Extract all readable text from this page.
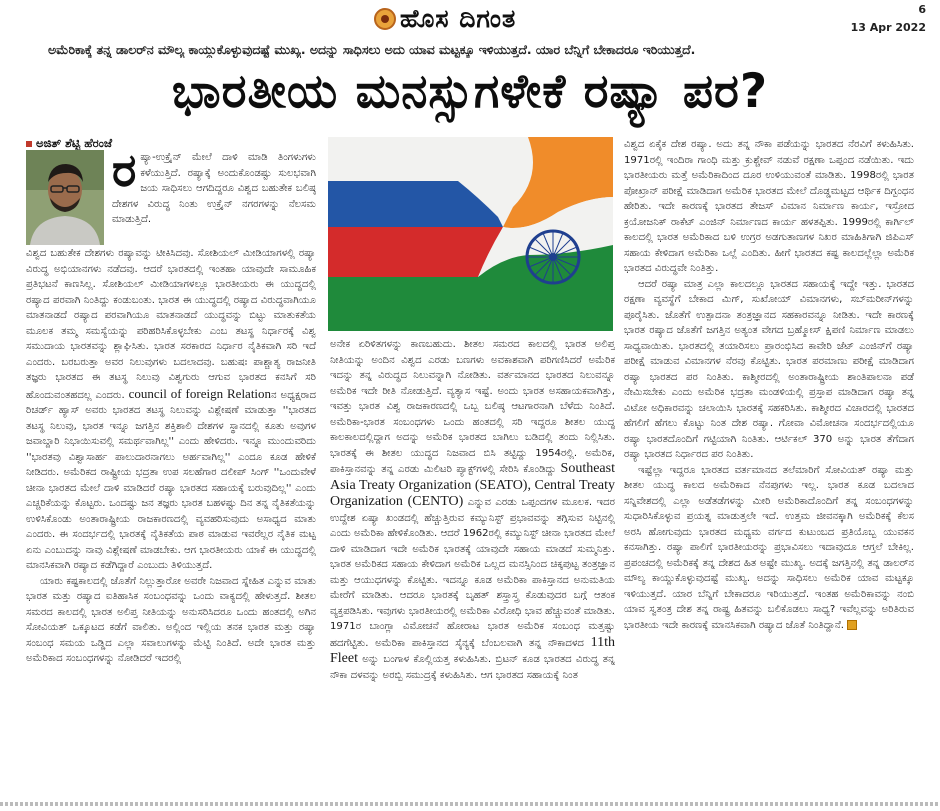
ಹೊಸ ದಿಗಂತ	6
13 Apr 2022
ಅಮೆರಿಕಾಕ್ಕೆ ತನ್ನ ಡಾಲರ್‌ನ ಮೌಲ್ಯ ಕಾಯ್ದುಕೊಳ್ಳುವುದಷ್ಟೆ ಮುಖ್ಯ. ಅದನ್ನು ಸಾಧಿಸಲು ಅದು ಯಾವ ಮಟ್ಟಕ್ಕೂ ಇಳಿಯುತ್ತದೆ. ಯಾರ ಬೆನ್ನಿಗೆ ಬೇಕಾದರೂ ಇರಿಯುತ್ತದೆ.
ಭಾರತೀಯ ಮನಸ್ಸುಗಳೇಕೆ ರಷ್ಯಾ ಪರ?
ಅಜಿತ್ ಶೆಟ್ಟಿ ಹೆರಂಜೆ ರಷ್ಯಾ-ಉಕ್ರೈನ್ ಮೇಲೆ ದಾಳಿ ಮಾಡಿ ತಿಂಗಳುಗಳು ಕಳೆಯುತ್ತಿದೆ. ರಷ್ಯಾಕ್ಕೆ ಅಂದುಕೊಂಡಷ್ಟು ಸುಲಭವಾಗಿ ಜಯ ಸಾಧಿಸಲು ಆಗದಿದ್ದರೂ ವಿಶ್ವದ ಬಹುತೇಕ ಬಲಿಷ್ಠ ದೇಶಗಳ ವಿರುದ್ಧ ನಿಂತು ಉಕ್ರೈನ್ ನಗರಗಳನ್ನು ನೆಲಸಮ ಮಾಡುತ್ತಿದೆ.

ವಿಶ್ವದ ಬಹುತೇಕ ದೇಶಗಳು ರಷ್ಯಾವನ್ನು ಟೀಕಿಸಿದವು. ಸೋಶಿಯಲ್ ಮೀಡಿಯಾಗಳಲ್ಲಿ ರಷ್ಯಾ ವಿರುದ್ಧ ಅಭಿಯಾನಗಳು ನಡೆದವು. ಆದರೆ ಭಾರತದಲ್ಲಿ ಇಂತಹಾ ಯಾವುದೇ ಸಾಮೂಹಿಕ ಪ್ರತಿಭಟನೆ ಕಾಣಸಿಲ್ಲ. ಸೋಶಿಯಲ್ ಮೀಡಿಯಾಗಳಲ್ಲೂ ಭಾರತೀಯರು ಈ ಯುದ್ಧದಲ್ಲಿ ರಷ್ಯಾದ ಪರವಾಗಿ ನಿಂತಿದ್ದು ಕಂಡುಬಂತು. ಭಾರತ ಈ ಯುದ್ಧದಲ್ಲಿ ರಷ್ಯಾದ ವಿರುದ್ಧವಾಗಿಯೂ ಮಾತನಾಡದೆ ರಷ್ಯಾದ ಪರವಾಗಿಯೂ ಮಾತನಾಡದೆ ಯುದ್ಧವನ್ನು ಬಿಟ್ಟು ಮಾತುಕತೆಯ ಮೂಲಕ ತಮ್ಮ ಸಮಸ್ಯೆಯನ್ನು ಪರಿಹರಿಸಿಕೊಳ್ಳಬೇಕು ಎಂಬ ತಟಸ್ಥ ನಿರ್ಧಾರಕ್ಕೆ ವಿಶ್ವ ಸಮುದಾಯ ಭಾರತವನ್ನು ಶ್ಲಾಘಿಸಿತು. ಭಾರತ ಸರಕಾರದ ನಿರ್ಧಾರ ನೈತಿಕವಾಗಿ ಸರಿ ಇದೆ ಎಂದರು. ಬರಬರುತ್ತಾ ಅವರ ನಿಲುವುಗಳು ಬದಲಾದವು. ಬಹುಷಃ ಪಾಶ್ಚಾತ್ಯ ರಾಜನೀತಿ ತಜ್ಞರು ಭಾರತದ ಈ ತಟಸ್ಥ ನಿಲುವು ವಿಶ್ವಗುರು ಆಗುವ ಭಾರತದ ಕನಸಿಗೆ ಸರಿ ಹೊಂದುವಂತಹದಲ್ಲ ಎಂದರು. council of foreign Relationನ ಅಧ್ಯಕ್ಷರಾದ ರಿಚರ್ಡ್ ಹ್ಯಾಸ್ ಅವರು ಭಾರತದ ತಟಸ್ಥ ನಿಲುವನ್ನು ವಿಶ್ಲೇಷಣೆ ಮಾಡುತ್ತಾ ''ಭಾರತದ ತಟಸ್ಥ ನಿಲುವು, ಭಾರತ ಇನ್ನೂ ಜಗತ್ತಿನ ಶಕ್ತಿಶಾಲಿ ದೇಶಗಳ ಸ್ಥಾನದಲ್ಲಿ ಕೂತು ಅವುಗಳ ಜವಾಬ್ದಾರಿ ನಿಭಾಯಿಸುವಲ್ಲಿ ಸಮರ್ಥವಾಗಿಲ್ಲ'' ಎಂದು ಹೇಳಿದರು. ಇನ್ನೂ ಮುಂದುವರಿದು ''ಭಾರತವು ವಿಶ್ವಾಸಾರ್ಹ ಪಾಲುದಾರನಾಗಲು ಅರ್ಹವಾಗಿಲ್ಲ'' ಎಂದೂ ಕೂಡ ಹೇಳಿಕೆ ನೀಡಿದರು. ಅಮೆರಿಕದ ರಾಷ್ಟ್ರೀಯ ಭದ್ರತಾ ಉಪ ಸಲಹೆಗಾರ ದಲೀಪ್ ಸಿಂಗ್ ''ಒಂದುವೇಳೆ ಚೀನಾ ಭಾರತದ ಮೇಲೆ ದಾಳಿ ಮಾಡಿದರೆ ರಷ್ಯಾ ಭಾರತದ ಸಹಾಯಕ್ಕೆ ಬರುವುದಿಲ್ಲ'' ಎಂದು ಎಚ್ಚರಿಕೆಯನ್ನು ಕೊಟ್ಟರು. ಒಂದಷ್ಟು ಜನ ತಜ್ಞರು ಭಾರತ ಬಹಳಷ್ಟು ದಿನ ತನ್ನ ನೈತಿಕತೆಯನ್ನು ಉಳಿಸಿಕೊಂಡು ಅಂತಾರಾಷ್ಟ್ರೀಯ ರಾಜಕಾರಣದಲ್ಲಿ ವ್ಯವಹರಿಸುವುದು ಅಸಾಧ್ಯದ ಮಾತು ಎಂದರು. ಈ ಸಂದರ್ಭದಲ್ಲಿ ಭಾರತಕ್ಕೆ ನೈತಿಕತೆಯ ಪಾಠ ಮಾಡುವ ಇವರೆಲ್ಲರ ನೈತಿಕ ಮಟ್ಟ ಏನು ಎಂಬುದನ್ನು ನಾವು ವಿಶ್ಲೇಷಣೆ ಮಾಡಬೇಕು. ಆಗ ಭಾರತೀಯರು ಯಾಕೆ ಈ ಯುದ್ಧದಲ್ಲಿ ಮಾನಸಿಕವಾಗಿ ರಷ್ಯಾದ ಕಡೆಗಿದ್ದಾರೆ ಎಂಬುದು ತಿಳಿಯುತ್ತದೆ.

ಯಾರು ಕಷ್ಟಕಾಲದಲ್ಲಿ ಜೊತೆಗೆ ನಿಲ್ಲುತ್ತಾರೋ ಅವರೇ ನಿಜವಾದ ಸ್ನೇಹಿತ ಎನ್ನುವ ಮಾತು ಭಾರತ ಮತ್ತು ರಷ್ಯಾದ ಐತಿಹಾಸಿಕ ಸಂಬಂಧವನ್ನು ಒಂದು ವಾಕ್ಯದಲ್ಲಿ ಹೇಳುತ್ತದೆ. ಶೀತಲ ಸಮರದ ಕಾಲದಲ್ಲಿ ಭಾರತ ಅಲಿಪ್ತ ನೀತಿಯನ್ನು ಅನುಸರಿಸಿದರೂ ಒಂದು ಹಂತದಲ್ಲಿ ಅಗಿನ ಸೋವಿಯತ್ ಒಕ್ಕೂಟದ ಕಡೆಗೆ ವಾಲಿತು. ಅಲ್ಲಿಂದ ಇಲ್ಲಿಯ ತನಕ ಭಾರತ ಮತ್ತು ರಷ್ಯಾ ಸಂಬಂಧ ಸಮಯ ಒಡ್ಡಿದ ಎಲ್ಲಾ ಸವಾಲುಗಳನ್ನು ಮೆಟ್ಟಿ ನಿಂತಿದೆ. ಅದೇ ಭಾರತ ಮತ್ತು ಅಮೆರಿಕಾದ ಸಂಬಂಧಗಳನ್ನು ನೋಡಿದರೆ ಇದರಲ್ಲಿ

ಅನೇಕ ಏರಿಳಿತಗಳನ್ನು ಕಾಣಬಹುದು. ಶೀತಲ ಸಮರದ ಕಾಲದಲ್ಲಿ ಭಾರತ ಅಲಿಪ್ತ ನೀತಿಯನ್ನು ಅಂದಿನ ವಿಶ್ವದ ಎರಡು ಬಣಗಳು ಅವಕಾಶವಾಗಿ ಪರಿಗಣಿಸಿದರೆ ಅಮೆರಿಕ ಇದನ್ನು ತನ್ನ ವಿರುದ್ಧದ ನಿಲುವನ್ನಾಗಿ ನೋಡಿತು. ವರ್ತಮಾನದ ಭಾರತದ ನಿಲುವನ್ನೂ ಅಮೆರಿಕ ಇದೇ ರೀತಿ ನೋಡುತ್ತಿದೆ. ವ್ಯತ್ಯಾಸ ಇಷ್ಟೆ. ಅಂದು ಭಾರತ ಅಸಹಾಯಕವಾಗಿತ್ತು, ಇವತ್ತು ಭಾರತ ವಿಶ್ವ ರಾಜಕಾರಣದಲ್ಲಿ ಒಬ್ಬ ಬಲಿಷ್ಠ ಆಟಗಾರನಾಗಿ ಬೆಳೆದು ನಿಂತಿದೆ. ಅಮೆರಿಕಾ-ಭಾರತ ಸಂಬಂಧಗಳು ಒಂದು ಹಂತದಲ್ಲಿ ಸರಿ ಇದ್ದರೂ ಶೀತಲ ಯುದ್ಧ ಕಾಲಕಾಲದಲ್ಲಿದ್ದಾಗ ಅದನ್ನು ಅಮೆರಿಕ ಭಾರತದ ಬಾಗಿಲು ಬಡಿದಲ್ಲಿ ತಂದು ನಿಲ್ಲಿಸಿತು. ಭಾರತಕ್ಕೆ ಈ ಶೀತಲ ಯುದ್ಧದ ನಿಜವಾದ ಬಿಸಿ ತಟ್ಟಿದ್ದು 1954ರಲ್ಲಿ. ಅಮೆರಿಕ, ಪಾಕಿಸ್ತಾನವನ್ನು ತನ್ನ ಎರಡು ಮಿಲಿಟರಿ ಪ್ಯಾಕ್ಟ್‌ಗಳಲ್ಲಿ ಸೇರಿಸಿ ಕೊಂಡಿದ್ದು Southeast Asia Treaty Organization (SEATO), Central Treaty Organization (CENTO) ಎನ್ನುವ ಎರಡು ಒಪ್ಪಂದಗಳ ಮೂಲಕ. ಇದರ ಉದ್ದೇಶ ಏಷ್ಯಾ ಖಂಡದಲ್ಲಿ ಹೆಚ್ಚುತ್ತಿರುವ ಕಮ್ಯುನಿಸ್ಟ್ ಪ್ರಭಾವವನ್ನು ತಗ್ಗಿಸುವ ನಿಟ್ಟಿನಲ್ಲಿ ಎಂದು ಅಮೆರಿಕಾ ಹೇಳಿಕೊಂಡಿತು. ಆದರೆ 1962ರಲ್ಲಿ ಕಮ್ಯುನಿಸ್ಟ್ ಚೀನಾ ಭಾರತದ ಮೇಲೆ ದಾಳಿ ಮಾಡಿದಾಗ ಇದೇ ಅಮೆರಿಕ ಭಾರತಕ್ಕೆ ಯಾವುದೇ ಸಹಾಯ ಮಾಡದೆ ಸುಮ್ಮನಿತ್ತು. ಭಾರತ ಅಮೆರಿಕದ ಸಹಾಯ ಕೇಳಿದಾಗ ಅಮೆರಿಕ ಒಲ್ಲದ ಮನಸ್ಸಿನಿಂದ ಚಿಕ್ಕಪುಟ್ಟ ತಂತ್ರಜ್ಞಾನ ಮತ್ತು ಆಯುಧಗಳನ್ನು ಕೊಟ್ಟಿತು. ಇದನ್ನೂ ಕೂಡ ಅಮೆರಿಕಾ ಪಾಕಿಸ್ತಾನದ ಅನುಮತಿಯ ಮೇರೆಗೆ ಮಾಡಿತು. ಆದರೂ ಭಾರತಕ್ಕೆ ಬೃಹತ್ ಶಸ್ತ್ರಾಸ್ತ್ರ ಕೊಡುವುದರ ಬಗ್ಗೆ ಆತಂಕ ವ್ಯಕ್ತಪಡಿಸಿತು. ಇವುಗಳು ಭಾರತೀಯರಲ್ಲಿ ಅಮೆರಿಕಾ ವಿರೋಧಿ ಭಾವ ಹೆಚ್ಚುವಂತೆ ಮಾಡಿತು. 1971ರ ಬಾಂಗ್ಲಾ ವಿಮೋಚನೆ ಹೋರಾಟ ಭಾರತ ಅಮೆರಿಕ ಸಂಬಂಧ ಮತ್ತಷ್ಟು ಹದಗೆಟ್ಟಿತು. ಅಮೆರಿಕಾ ಪಾಕಿಸ್ತಾನದ ಸೈನ್ಯಕ್ಕೆ ಬೆಂಬಲವಾಗಿ ತನ್ನ ನೌಕಾದಳದ 11th Fleet ಅನ್ನು ಬಂಗಾಳ ಕೊಲ್ಲಿಯತ್ತ ಕಳುಹಿಸಿತು. ಬ್ರಿಟನ್ ಕೂಡ ಭಾರತದ ವಿರುದ್ಧ ತನ್ನ ನೌಕಾ ದಳವನ್ನು ಅರಬ್ಬಿ ಸಮುದ್ರಕ್ಕೆ ಕಳುಹಿಸಿತು. ಆಗ ಭಾರತದ ಸಹಾಯಕ್ಕೆ ನಿಂತ

ವಿಶ್ವದ ಏಕೈಕ ದೇಶ ರಷ್ಯಾ. ಅದು ತನ್ನ ನೌಕಾ ಪಡೆಯನ್ನು ಭಾರತದ ನೆರವಿಗೆ ಕಳುಹಿಸಿತು. 1971ರಲ್ಲಿ ಇಂದಿರಾ ಗಾಂಧಿ ಮತ್ತು ಕ್ರುಶ್ಚೇವ್ ನಡುವೆ ರಕ್ಷಣಾ ಒಪ್ಪಂದ ನಡೆಯಿತು. ಇದು ಭಾರತೀಯರು ಮತ್ತೆ ಅಮೆರಿಕಾದಿಂದ ದೂರ ಉಳಿಯುವಂತೆ ಮಾಡಿತು. 1998ರಲ್ಲಿ ಭಾರತ ಪೋಖ್ರಾನ್ ಪರೀಕ್ಷೆ ಮಾಡಿದಾಗ ಅಮೆರಿಕ ಭಾರತದ ಮೇಲೆ ದೊಡ್ಡಮಟ್ಟದ ಆರ್ಥಿಕ ದಿಗ್ಬಂಧನ ಹೇರಿತು. ಇದೇ ಕಾರಣಕ್ಕೆ ಭಾರತದ ತೇಜಸ್ ವಿಮಾನ ನಿರ್ಮಾಣ ಕಾರ್ಯ, ಇಸ್ರೋದ ಕ್ರಯೋಜನಿಕ್ ರಾಕೆಟ್ ಎಂಜಿನ್ ನಿರ್ಮಾಣದ ಕಾರ್ಯ ಹಳತಪ್ಪಿತು. 1999ರಲ್ಲಿ ಕಾರ್ಗಿಲ್ ಕಾಲದಲ್ಲಿ ಭಾರತ ಅಮೆರಿಕಾದ ಬಳಿ ಉಗ್ರರ ಅಡಗುತಾಣಗಳ ನಿಖರ ಮಾಹಿತಿಗಾಗಿ ಜಿಪಿಎಸ್ ಸಹಾಯ ಕೇಳಿದಾಗ ಅಮೆರಿಕಾ ಒಲ್ಲೆ ಎಂದಿತು. ಹೀಗೆ ಭಾರತದ ಕಷ್ಟ ಕಾಲದಲ್ಲೆಲ್ಲಾ ಅಮೆರಿಕ ಭಾರತದ ವಿರುದ್ಧವೇ ನಿಂತಿತ್ತು.

ಆದರೆ ರಷ್ಯಾ ಮಾತ್ರ ಎಲ್ಲಾ ಕಾಲದಲ್ಲೂ ಭಾರತದ ಸಹಾಯಕ್ಕೆ ಇದ್ದೇ ಇತ್ತು. ಭಾರತದ ರಕ್ಷಣಾ ವ್ಯವಸ್ಥೆಗೆ ಬೇಕಾದ ಮಿಗ್, ಸುಖೋಯ್ ವಿಮಾನಗಳು, ಸಬ್‌ಮರೀನ್‌ಗಳನ್ನು ಪೂರೈಸಿತು. ಜೊತೆಗೆ ಉತ್ಪಾದನಾ ತಂತ್ರಜ್ಞಾನದ ಸಹಕಾರವನ್ನೂ ನೀಡಿತು. ಇದೇ ಕಾರಣಕ್ಕೆ ಭಾರತ ರಷ್ಯಾದ ಜೊತೆಗೆ ಜಗತ್ತಿನ ಅತ್ಯಂತ ವೇಗದ ಬ್ರಹ್ಮೋಸ್ ಕ್ಷಿಪಣಿ ನಿರ್ಮಾಣ ಮಾಡಲು ಸಾಧ್ಯವಾಯಿತು. ಭಾರತದಲ್ಲಿ ತಯಾರಿಸಲು ಪ್ರಾರಂಭಿಸಿದ ಕಾವೇರಿ ಜೆಟ್ ಎಂಜಿನ್‌ಗೆ ರಷ್ಯಾ ಪರೀಕ್ಷೆ ಮಾಡುವ ವಿಮಾನಗಳ ನೆರವು ಕೊಟ್ಟಿತು. ಭಾರತ ಪರಮಾಣು ಪರೀಕ್ಷೆ ಮಾಡಿದಾಗ ರಷ್ಯಾ ಭಾರತದ ಪರ ನಿಂತಿತು. ಕಾಶ್ಮೀರದಲ್ಲಿ ಅಂತಾರಾಷ್ಟ್ರೀಯ ಶಾಂತಿಪಾಲನಾ ಪಡೆ ನೇಮಿಸಬೇಕು ಎಂದು ಅಮೆರಿಕ ಭದ್ರತಾ ಮಂಡಳಿಯಲ್ಲಿ ಪ್ರಸ್ತಾಪ ಮಾಡಿದಾಗ ರಷ್ಯಾ ತನ್ನ ವಿಟೋ ಅಧಿಕಾರವನ್ನು ಚಲಾಯಿಸಿ ಭಾರತಕ್ಕೆ ಸಹಕರಿಸಿತು. ಕಾಶ್ಮೀರದ ವಿಚಾರದಲ್ಲಿ ಭಾರತದ ಹೆಗಲಿಗೆ ಹೆಗಲು ಕೊಟ್ಟು ನಿಂತ ದೇಶ ರಷ್ಯಾ. ಗೋವಾ ವಿಮೋಚನಾ ಸಂದರ್ಭದಲ್ಲಿಯೂ ರಷ್ಯಾ ಭಾರತದೊಂದಿಗೆ ಗಟ್ಟಿಯಾಗಿ ನಿಂತಿತು. ಆರ್ಟಿಕಲ್ 370 ಅನ್ನು ಭಾರತ ತೆಗೆದಾಗ ರಷ್ಯಾ ಭಾರತದ ನಿರ್ಧಾರದ ಪರ ನಿಂತಿತು.

ಇಷ್ಟೆಲ್ಲಾ ಇದ್ದರೂ ಭಾರತದ ವರ್ತಮಾನದ ತಲೆಮಾರಿಗೆ ಸೋವಿಯತ್ ರಷ್ಯಾ ಮತ್ತು ಶೀತಲ ಯುದ್ಧ ಕಾಲದ ಅಮೆರಿಕಾದ ನೆನಪುಗಳು ಇಲ್ಲ. ಭಾರತ ಕೂಡ ಬದಲಾದ ಸನ್ನಿವೇಶದಲ್ಲಿ ಎಲ್ಲಾ ಅಡೆತಡೆಗಳನ್ನು ಮೀರಿ ಅಮೆರಿಕಾದೊಂದಿಗೆ ತನ್ನ ಸಂಬಂಧಗಳನ್ನು ಸುಧಾರಿಸಿಕೊಳ್ಳುವ ಪ್ರಯತ್ನ ಮಾಡುತ್ತಲೇ ಇದೆ. ಉತ್ತಮ ಜೀವನಕ್ಕಾಗಿ ಅಮೆರಿಕಕ್ಕೆ ಕೆಲಸ ಅರಸಿ ಹೋಗುವುದು ಭಾರತದ ಮಧ್ಯಮ ವರ್ಗದ ಕುಟುಂಬದ ಪ್ರತಿಯೊಬ್ಬ ಯುವಕನ ಕನಸಾಗಿತ್ತು. ರಷ್ಯಾ ಪಾಲಿಗೆ ಭಾರತೀಯರನ್ನು ಪ್ರಭಾವಿಸಲು ಇದಾವುದೂ ಆಗ್ತಲೆ ಬೇಕಿಲ್ಲ. ಪ್ರಪಂಚದಲ್ಲಿ ಅಮೆರಿಕಕ್ಕೆ ತನ್ನ ದೇಶದ ಹಿತ ಅಷ್ಟೇ ಮುಖ್ಯ. ಅದಕ್ಕೆ ಜಗತ್ತಿನಲ್ಲಿ ತನ್ನ ಡಾಲರ್‌ನ ಮೌಲ್ಯ ಕಾಯ್ದುಕೊಳ್ಳುವುದಷ್ಟೆ ಮುಖ್ಯ. ಅದನ್ನು ಸಾಧಿಸಲು ಅಮೆರಿಕ ಯಾವ ಮಟ್ಟಕ್ಕೂ ಇಳಿಯುತ್ತದೆ. ಯಾರ ಬೆನ್ನಿಗೆ ಬೇಕಾದರೂ ಇರಿಯುತ್ತದೆ. ಇಂತಹ ಅಮೆರಿಕಾವನ್ನು ನಂಬಿ ಯಾವ ಸ್ವತಂತ್ರ ದೇಶ ತನ್ನ ರಾಷ್ಟ್ರ ಹಿತವನ್ನು ಬಲಿಕೊಡಲು ಸಾಧ್ಯ? ಇವೆಲ್ಲವನ್ನು ಅರಿತಿರುವ ಭಾರತೀಯ ಇದೇ ಕಾರಣಕ್ಕೆ ಮಾನಸಿಕವಾಗಿ ರಷ್ಯಾದ ಜೊತೆ ನಿಂತಿದ್ದಾನೆ.
